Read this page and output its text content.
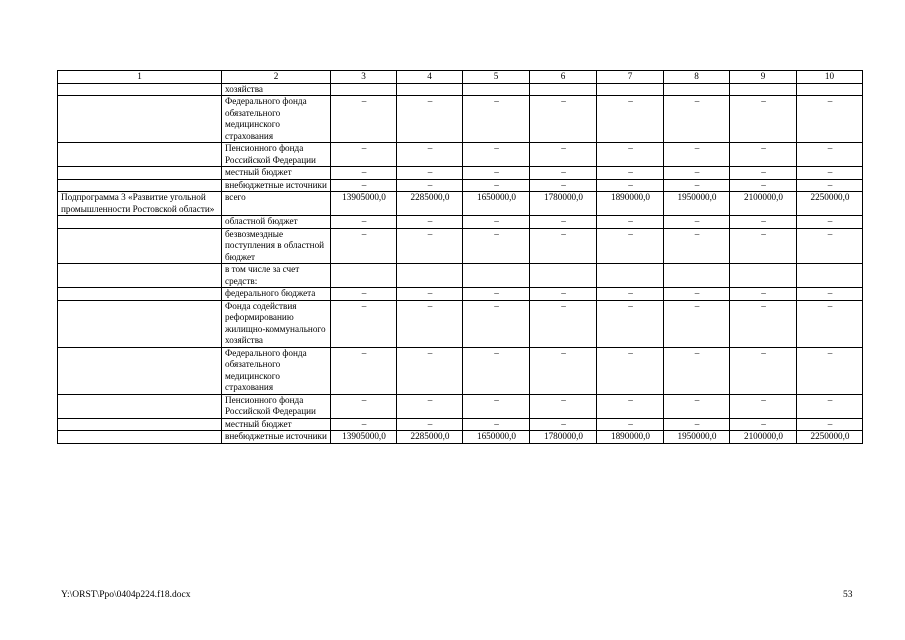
1	2	3	4	5	6	7	8	9	10
	хозяйства								
	Федерального фонда обязательного медицинского страхования	–	–	–	–	–	–	–	–
	Пенсионного фонда Российской Федерации	–	–	–	–	–	–	–	–
	местный бюджет	–	–	–	–	–	–	–	–
	внебюджетные источники	–	–	–	–	–	–	–	–
Подпрограмма 3 «Развитие угольной промышленности Ростовской области»	всего	13905000,0	2285000,0	1650000,0	1780000,0	1890000,0	1950000,0	2100000,0	2250000,0
	областной бюджет	–	–	–	–	–	–	–	–
	безвозмездные поступления в областной бюджет	–	–	–	–	–	–	–	–
	в том числе за счет средств:								
	федерального бюджета	–	–	–	–	–	–	–	–
	Фонда содействия реформированию жилищно-коммунального хозяйства	–	–	–	–	–	–	–	–
	Федерального фонда обязательного медицинского страхования	–	–	–	–	–	–	–	–
	Пенсионного фонда Российской Федерации	–	–	–	–	–	–	–	–
	местный бюджет	–	–	–	–	–	–	–	–
	внебюджетные источники	13905000,0	2285000,0	1650000,0	1780000,0	1890000,0	1950000,0	2100000,0	2250000,0
Y:\ORST\Ppo\0404p224.f18.docx	53
